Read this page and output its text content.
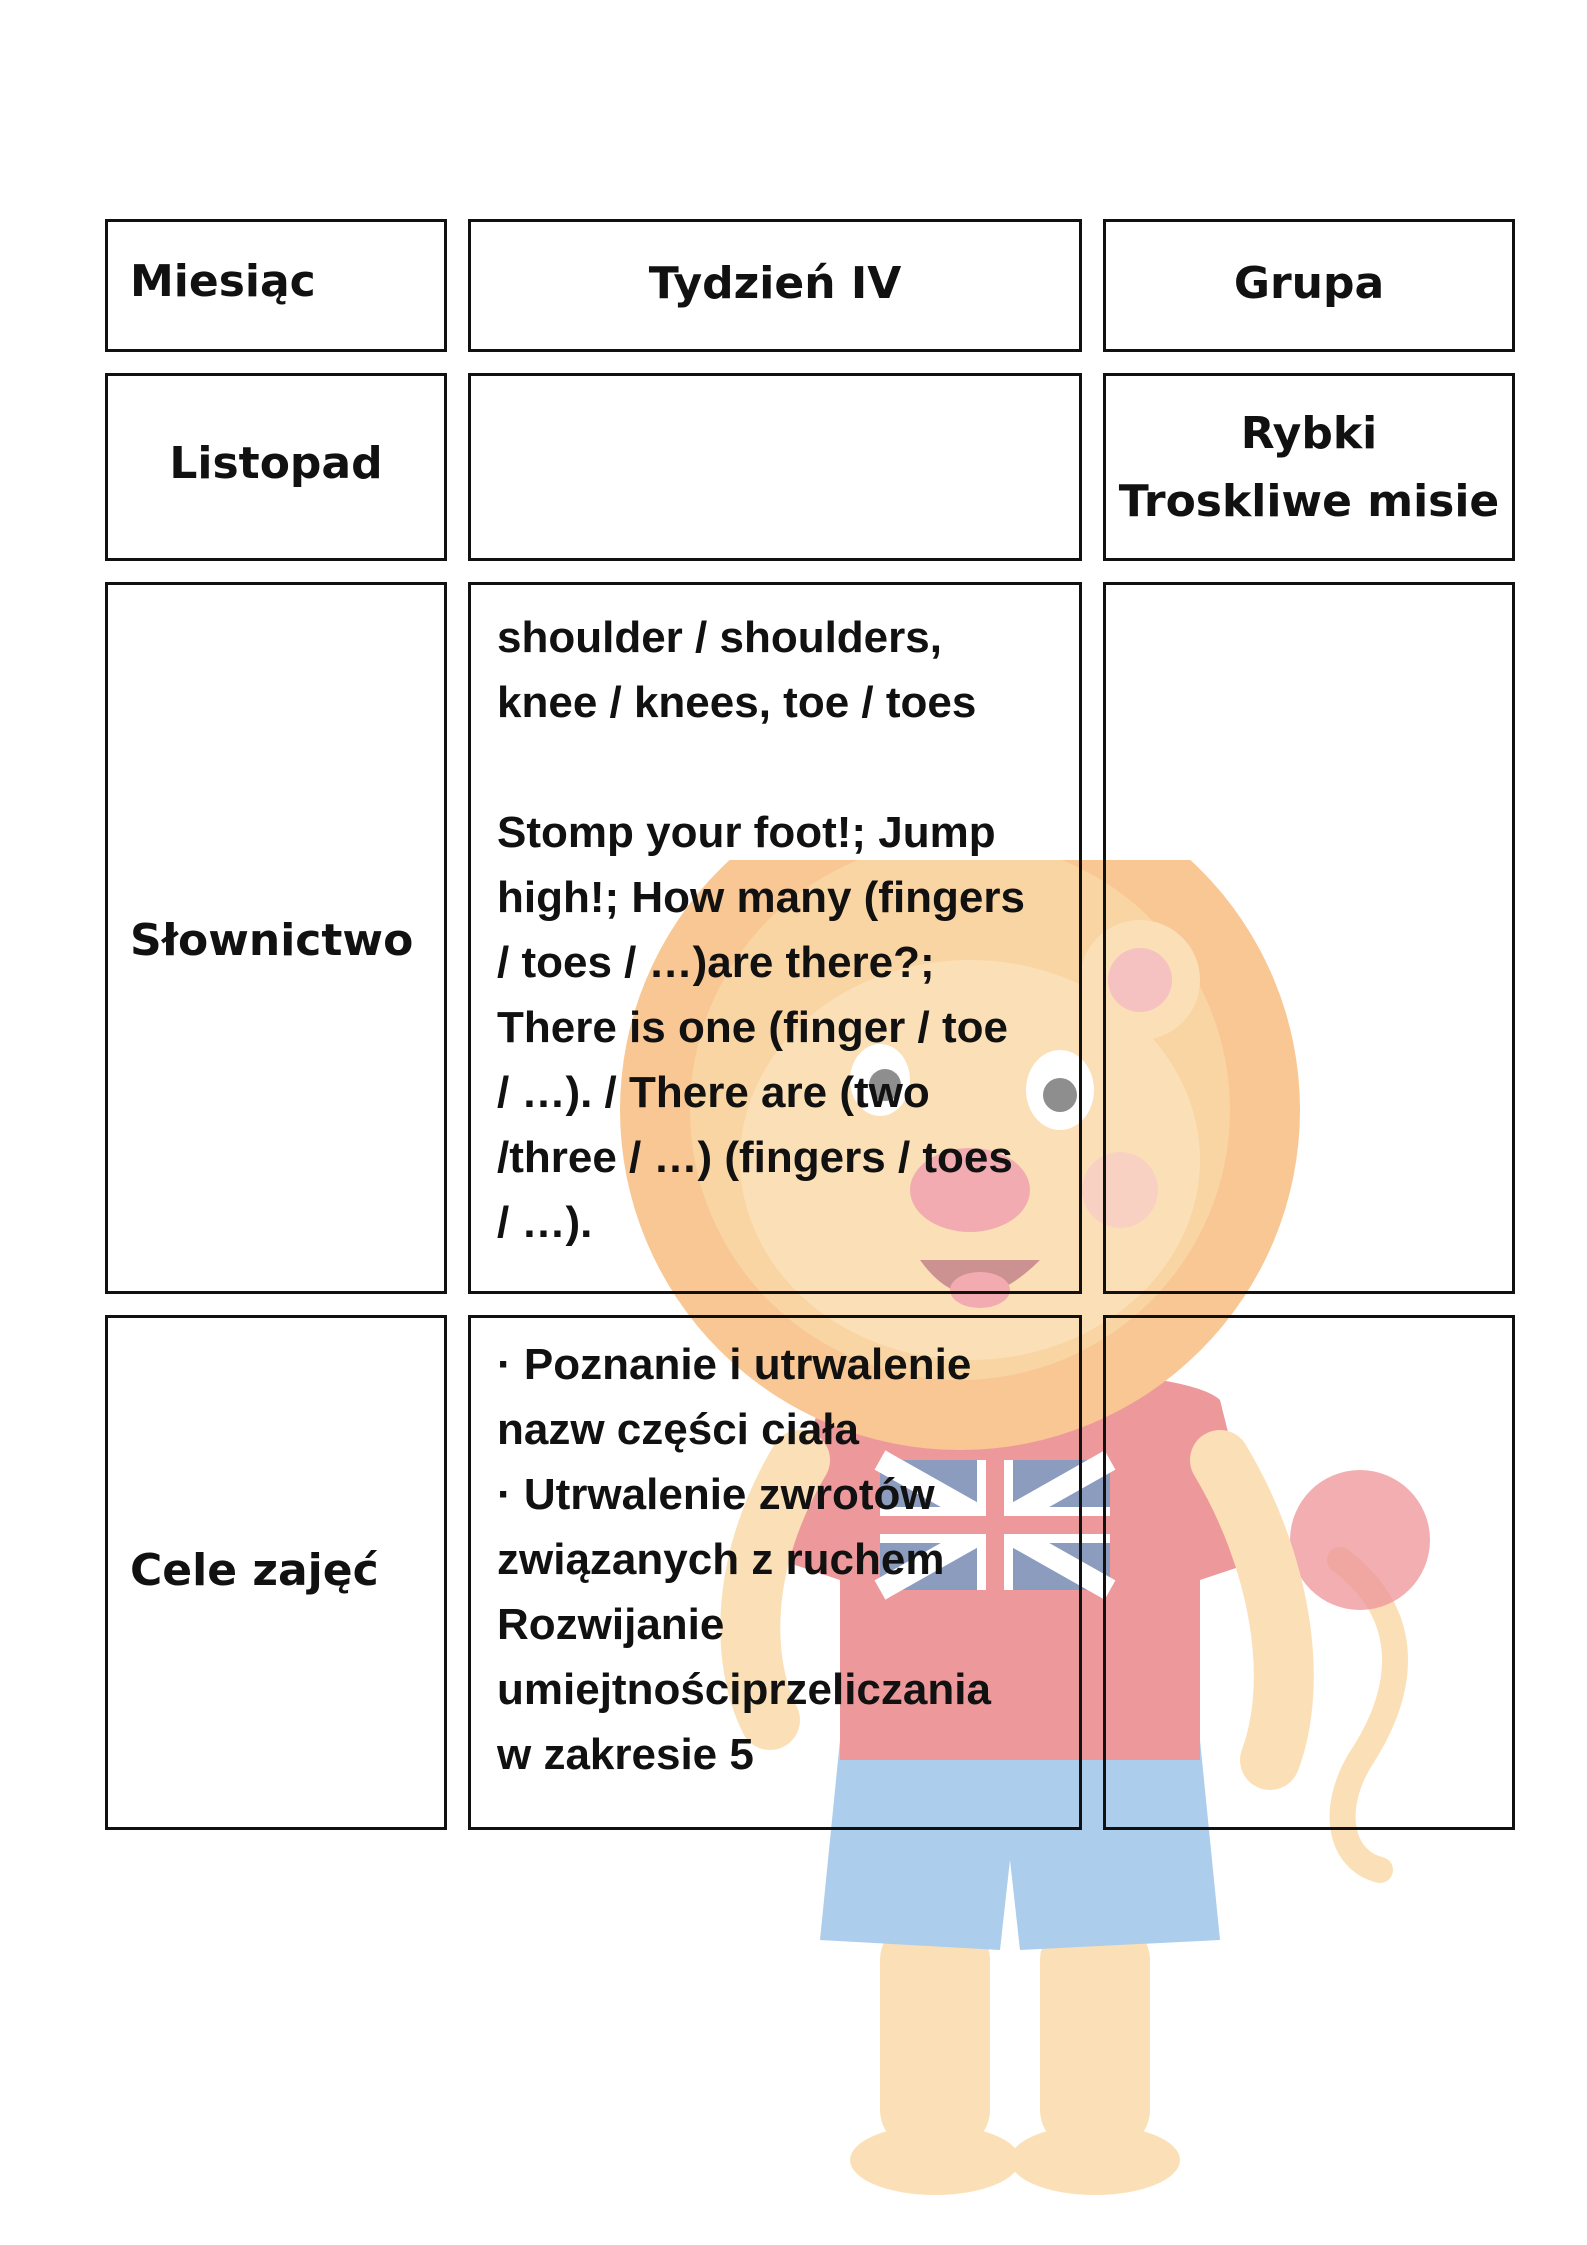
Miesiąc	Tydzień IV	Grupa
Listopad
Rybki
Troskliwe misie
Słownictwo

shoulder / shoulders,

knee / knees, toe / toes

Stomp your foot!; Jump

high!; How many (fingers

/ toes / …)are there?;

There is one (finger / toe

/ …). / There are (two

/three / …) (fingers / toes

/ …).

Cele zajęć

· Poznanie i utrwalenie

nazw części ciała

· Utrwalenie zwrotów

związanych z ruchem

Rozwijanie

umiejtnościprzeliczania

w zakresie 5
